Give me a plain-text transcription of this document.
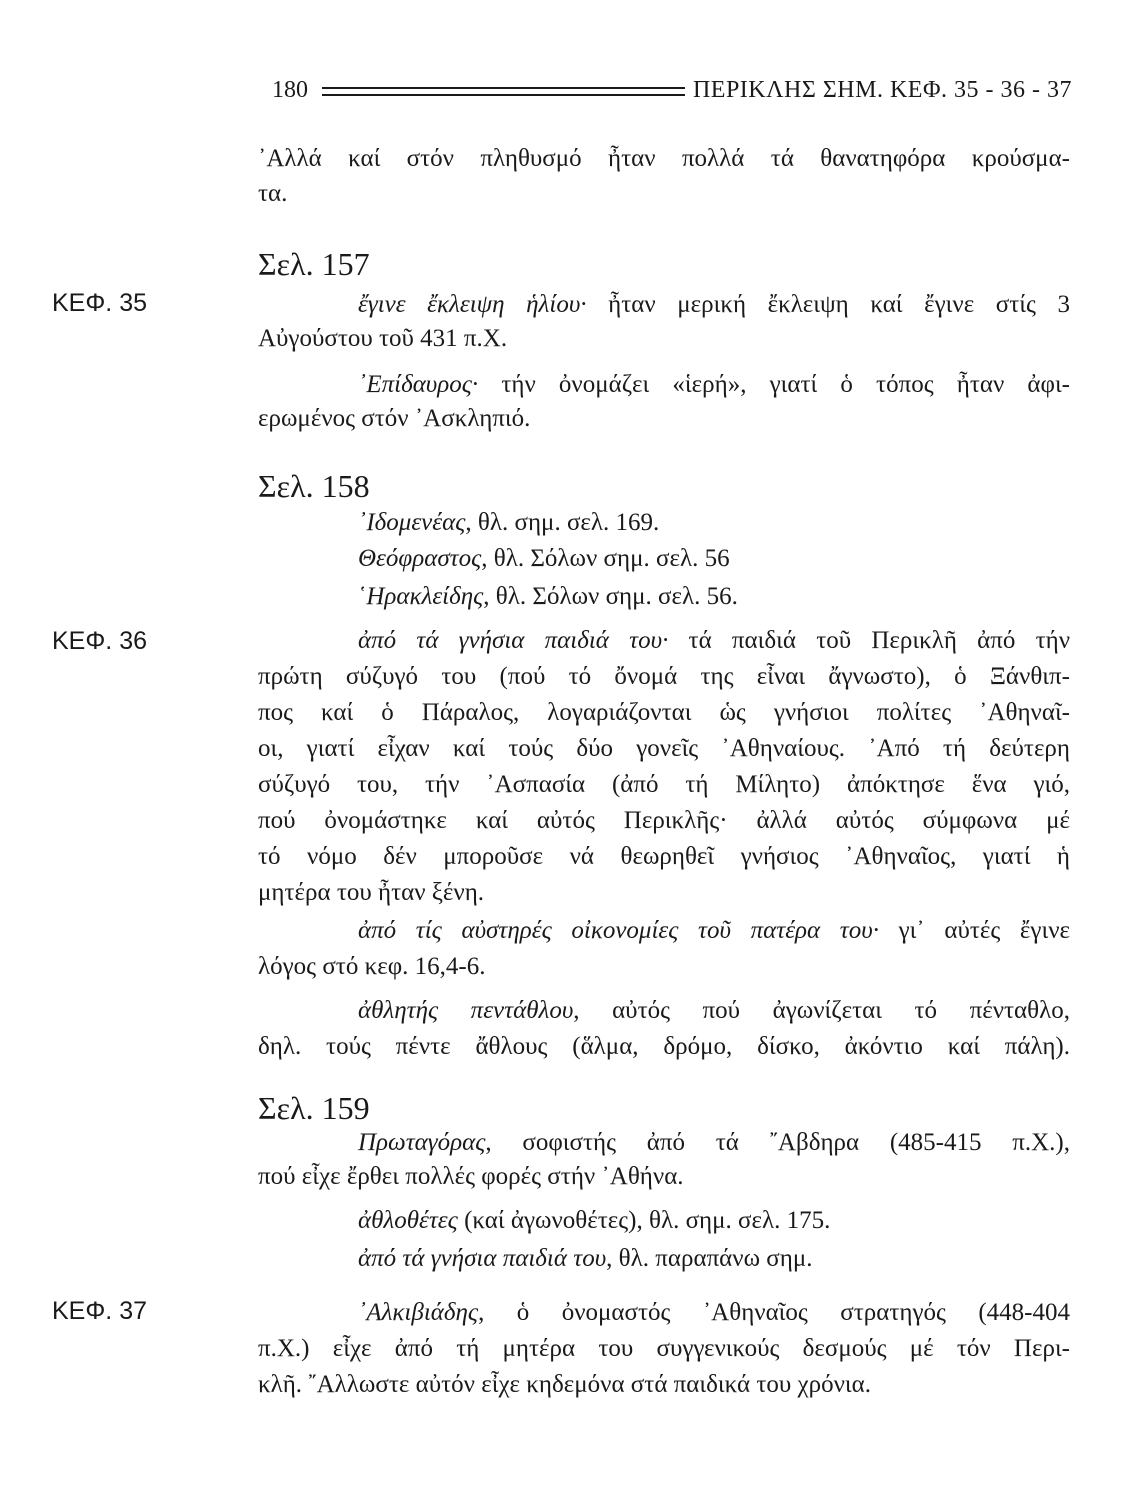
180	ΠΕΡΙΚΛΗΣ ΣΗΜ. ΚΕΦ. 35 - 36 - 37
ΚΕΦ. 35
ΚΕΦ. 36
ΚΕΦ. 37
᾿Αλλά καί στόν πληθυσμό ἦταν πολλά τά θανατηφόρα κρούσμα-
τα.
Σελ. 157
ἔγινε ἔκλειψη ἡλίου· ἦταν μερική ἔκλειψη καί ἔγινε στίς 3
Αὐγούστου τοῦ 431 π.Χ.
᾿Επίδαυρος· τήν ὀνομάζει «ἱερή», γιατί ὁ τόπος ἦταν ἀφι-
ερωμένος στόν ᾿Ασκληπιό.
Σελ. 158
᾿Ιδομενέας, θλ. σημ. σελ. 169.
Θεόφραστος, θλ. Σόλων σημ. σελ. 56
῾Ηρακλείδης, θλ. Σόλων σημ. σελ. 56.
ἀπό τά γνήσια παιδιά του· τά παιδιά τοῦ Περικλῆ ἀπό τήν
πρώτη σύζυγό του (πού τό ὄνομά της εἶναι ἄγνωστο), ὁ Ξάνθιπ-
πος καί ὁ Πάραλος, λογαριάζονται ὡς γνήσιοι πολίτες ᾿Αθηναῖ-
οι, γιατί εἶχαν καί τούς δύο γονεῖς ᾿Αθηναίους. ᾿Από τή δεύτερη
σύζυγό του, τήν ᾿Ασπασία (ἀπό τή Μίλητο) ἀπόκτησε ἕνα γιό,
πού ὀνομάστηκε καί αὐτός Περικλῆς· ἀλλά αὐτός σύμφωνα μέ
τό νόμο δέν μποροῦσε νά θεωρηθεῖ γνήσιος ᾿Αθηναῖος, γιατί ἡ
μητέρα του ἦταν ξένη.
ἀπό τίς αὐστηρές οἰκονομίες τοῦ πατέρα του· γι᾿ αὐτές ἔγινε
λόγος στό κεφ. 16,4-6.
ἀθλητής πεντάθλου, αὐτός πού ἀγωνίζεται τό πένταθλο,
δηλ. τούς πέντε ἄθλους (ἅλμα, δρόμο, δίσκο, ἀκόντιο καί πάλη).
Σελ. 159
Πρωταγόρας, σοφιστής ἀπό τά ῎Αβδηρα (485-415 π.Χ.),
πού εἶχε ἔρθει πολλές φορές στήν ᾿Αθήνα.
ἀθλοθέτες (καί ἀγωνοθέτες), θλ. σημ. σελ. 175.
ἀπό τά γνήσια παιδιά του, θλ. παραπάνω σημ.
᾿Αλκιβιάδης, ὁ ὀνομαστός ᾿Αθηναῖος στρατηγός (448-404
π.Χ.) εἶχε ἀπό τή μητέρα του συγγενικούς δεσμούς μέ τόν Περι-
κλῆ. ῎Αλλωστε αὐτόν εἶχε κηδεμόνα στά παιδικά του χρόνια.
